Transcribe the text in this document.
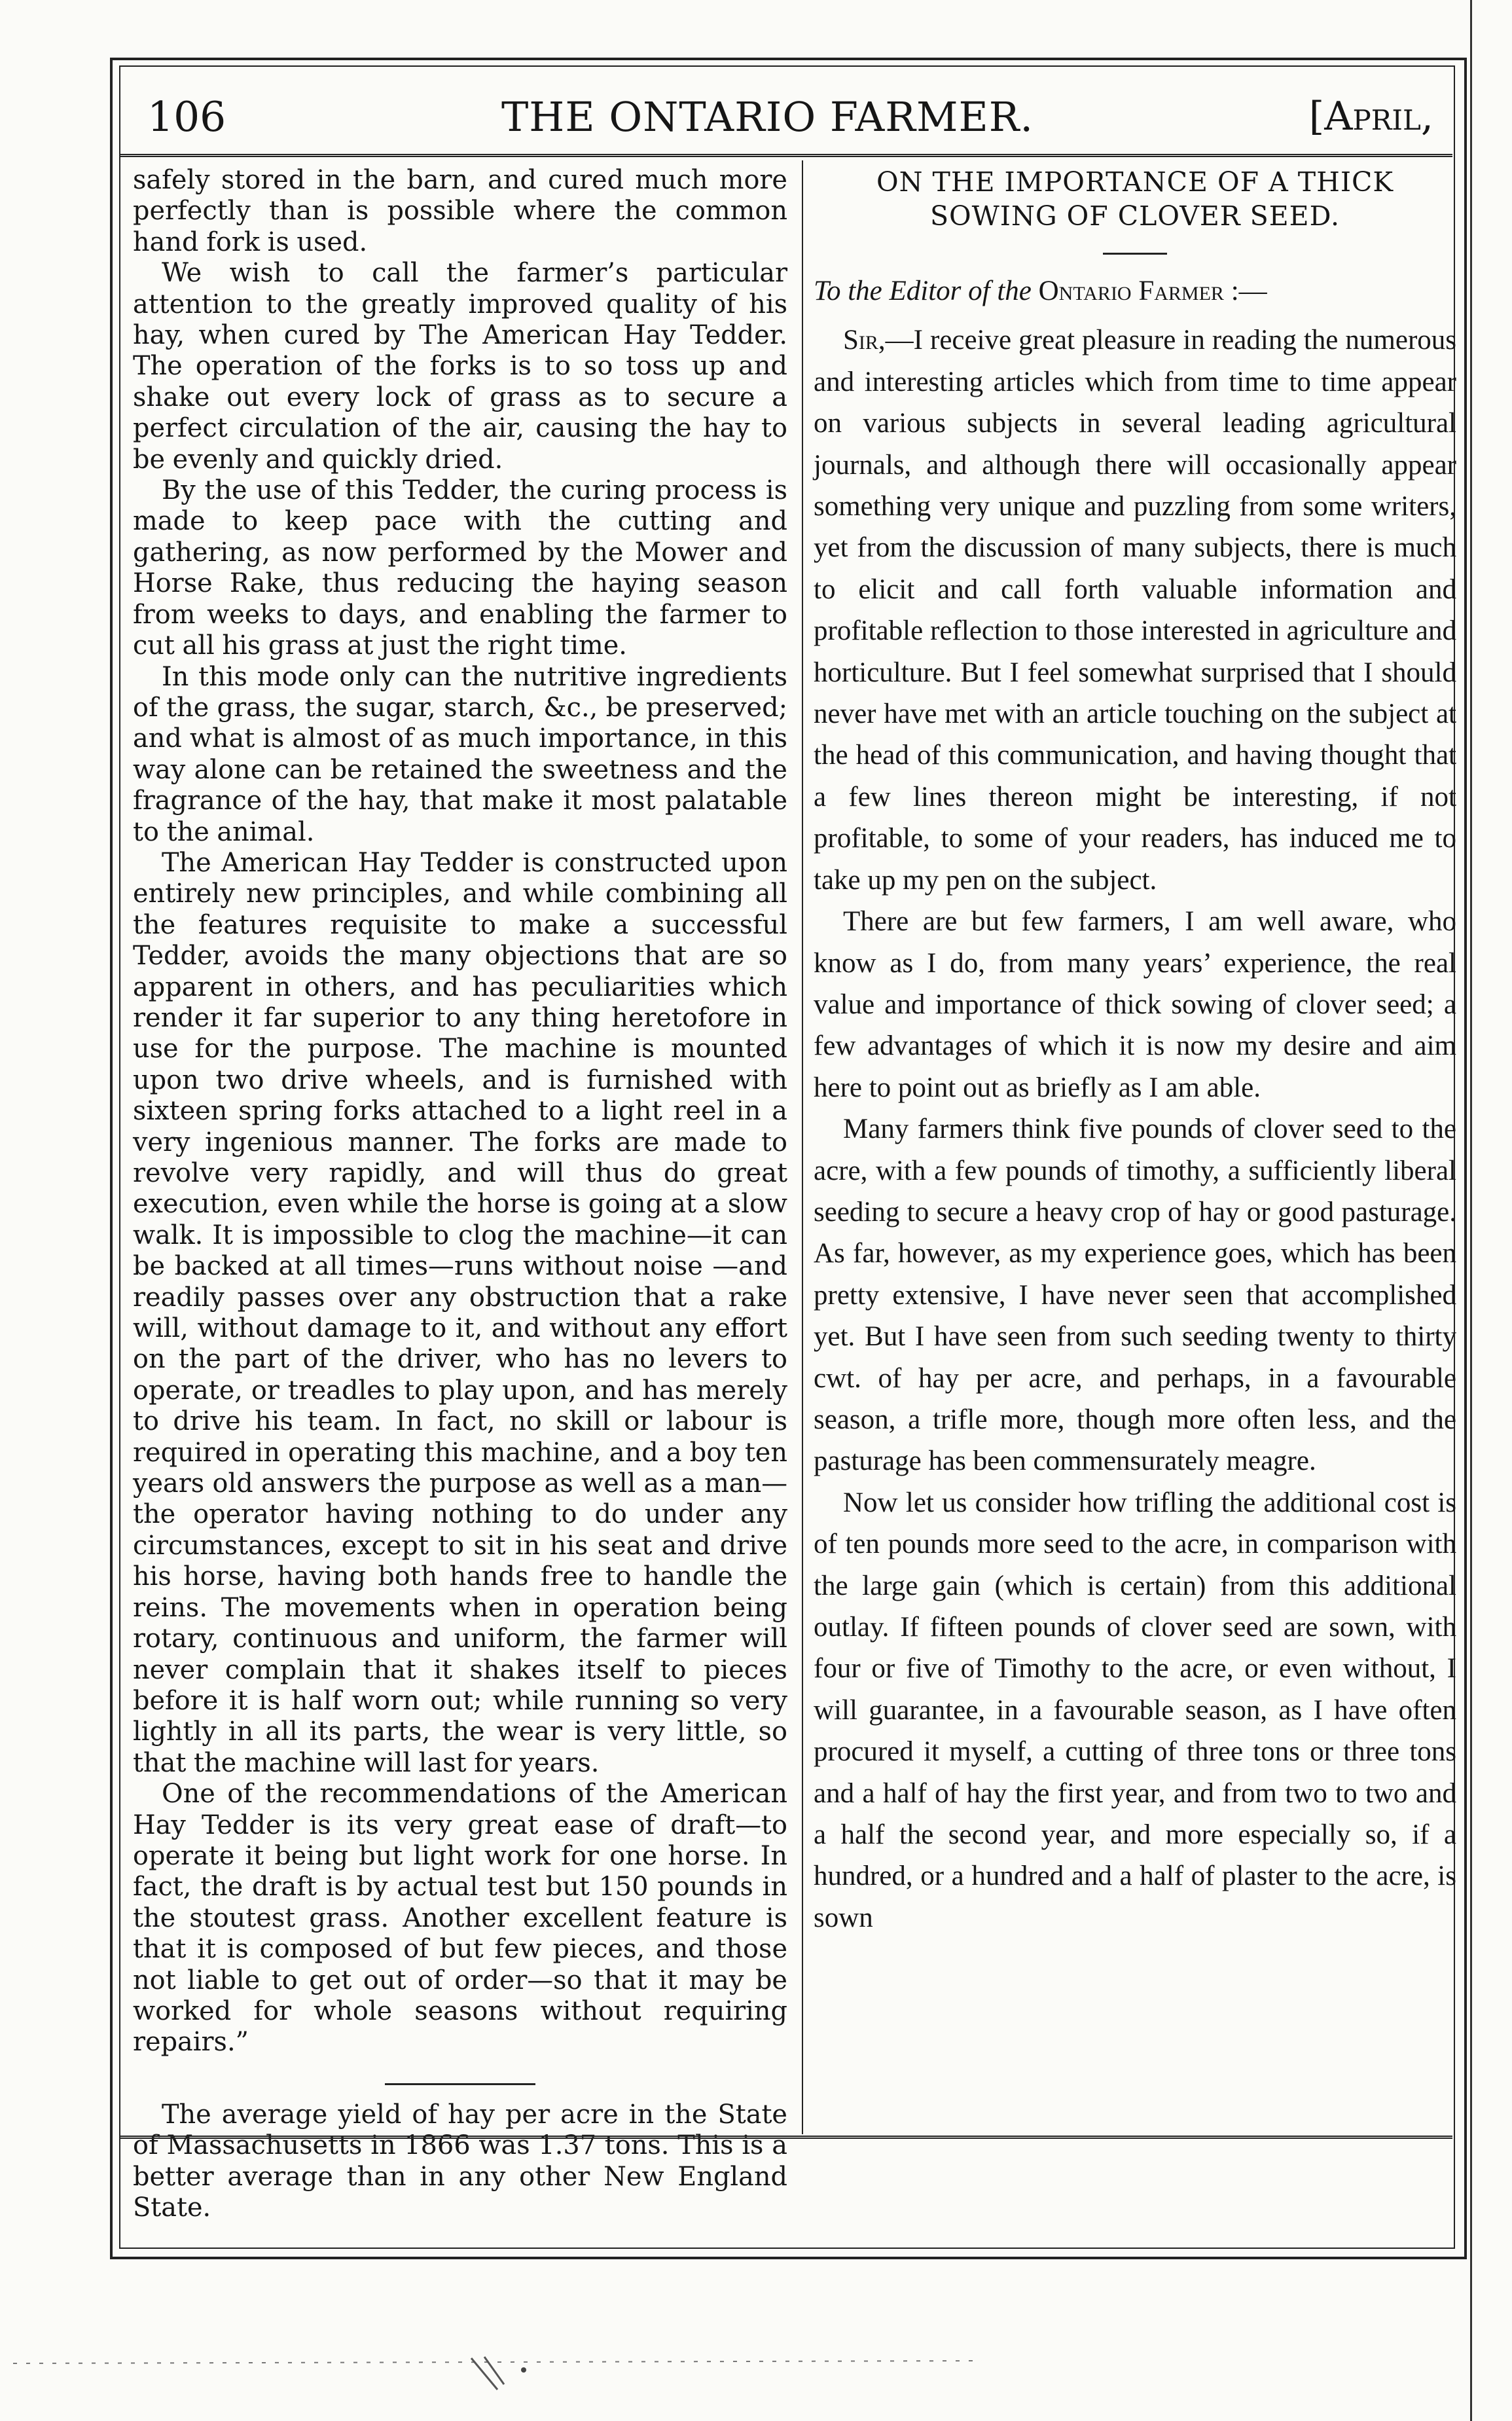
106	THE ONTARIO FARMER.	[April,

safely stored in the barn, and cured much more perfectly than is possible where the common hand fork is used.

We wish to call the farmer’s particular attention to the greatly improved quality of his hay, when cured by The American Hay Tedder. The operation of the forks is to so toss up and shake out every lock of grass as to secure a perfect circulation of the air, causing the hay to be evenly and quickly dried.

By the use of this Tedder, the curing process is made to keep pace with the cutting and gathering, as now performed by the Mower and Horse Rake, thus reducing the haying season from weeks to days, and enabling the farmer to cut all his grass at just the right time.

In this mode only can the nutritive ingredients of the grass, the sugar, starch, &c., be preserved; and what is almost of as much importance, in this way alone can be retained the sweetness and the fragrance of the hay, that make it most palatable to the animal.

The American Hay Tedder is constructed upon entirely new principles, and while combining all the features requisite to make a successful Tedder, avoids the many objections that are so apparent in others, and has peculiarities which render it far superior to any thing heretofore in use for the purpose. The machine is mounted upon two drive wheels, and is furnished with sixteen spring forks attached to a light reel in a very ingenious manner. The forks are made to revolve very rapidly, and will thus do great execution, even while the horse is going at a slow walk. It is impossible to clog the machine—it can be backed at all times—runs without noise —and readily passes over any obstruction that a rake will, without damage to it, and without any effort on the part of the driver, who has no levers to operate, or treadles to play upon, and has merely to drive his team. In fact, no skill or labour is required in operating this machine, and a boy ten years old answers the purpose as well as a man—the operator having nothing to do under any circumstances, except to sit in his seat and drive his horse, having both hands free to handle the reins. The movements when in operation being rotary, continuous and uniform, the farmer will never complain that it shakes itself to pieces before it is half worn out; while running so very lightly in all its parts, the wear is very little, so that the machine will last for years.

One of the recommendations of the American Hay Tedder is its very great ease of draft—to operate it being but light work for one horse. In fact, the draft is by actual test but 150 pounds in the stoutest grass. Another excellent feature is that it is composed of but few pieces, and those not liable to get out of order—so that it may be worked for whole seasons without requiring repairs.”

The average yield of hay per acre in the State of Massachusetts in 1866 was 1.37 tons. This is a better average than in any other New England State.

ON THE IMPORTANCE OF A THICK
SOWING OF CLOVER SEED.

To the Editor of the Ontario Farmer :—

Sir,—I receive great pleasure in reading the numerous and interesting articles which from time to time appear on various subjects in several leading agricultural journals, and although there will occasionally appear something very unique and puzzling from some writers, yet from the discussion of many subjects, there is much to elicit and call forth valuable information and profitable reflection to those interested in agriculture and horticulture. But I feel somewhat surprised that I should never have met with an article touching on the subject at the head of this communication, and having thought that a few lines thereon might be interesting, if not profitable, to some of your readers, has induced me to take up my pen on the subject.

There are but few farmers, I am well aware, who know as I do, from many years’ experience, the real value and importance of thick sowing of clover seed; a few advantages of which it is now my desire and aim here to point out as briefly as I am able.

Many farmers think five pounds of clover seed to the acre, with a few pounds of timothy, a sufficiently liberal seeding to secure a heavy crop of hay or good pasturage. As far, however, as my experience goes, which has been pretty extensive, I have never seen that accomplished yet. But I have seen from such seeding twenty to thirty cwt. of hay per acre, and perhaps, in a favourable season, a trifle more, though more often less, and the pasturage has been commensurately meagre.

Now let us consider how trifling the additional cost is of ten pounds more seed to the acre, in comparison with the large gain (which is certain) from this additional outlay. If fifteen pounds of clover seed are sown, with four or five of Timothy to the acre, or even without, I will guarantee, in a favourable season, as I have often procured it myself, a cutting of three tons or three tons and a half of hay the first year, and from two to two and a half the second year, and more especially so, if a hundred, or a hundred and a half of plaster to the acre, is sown
